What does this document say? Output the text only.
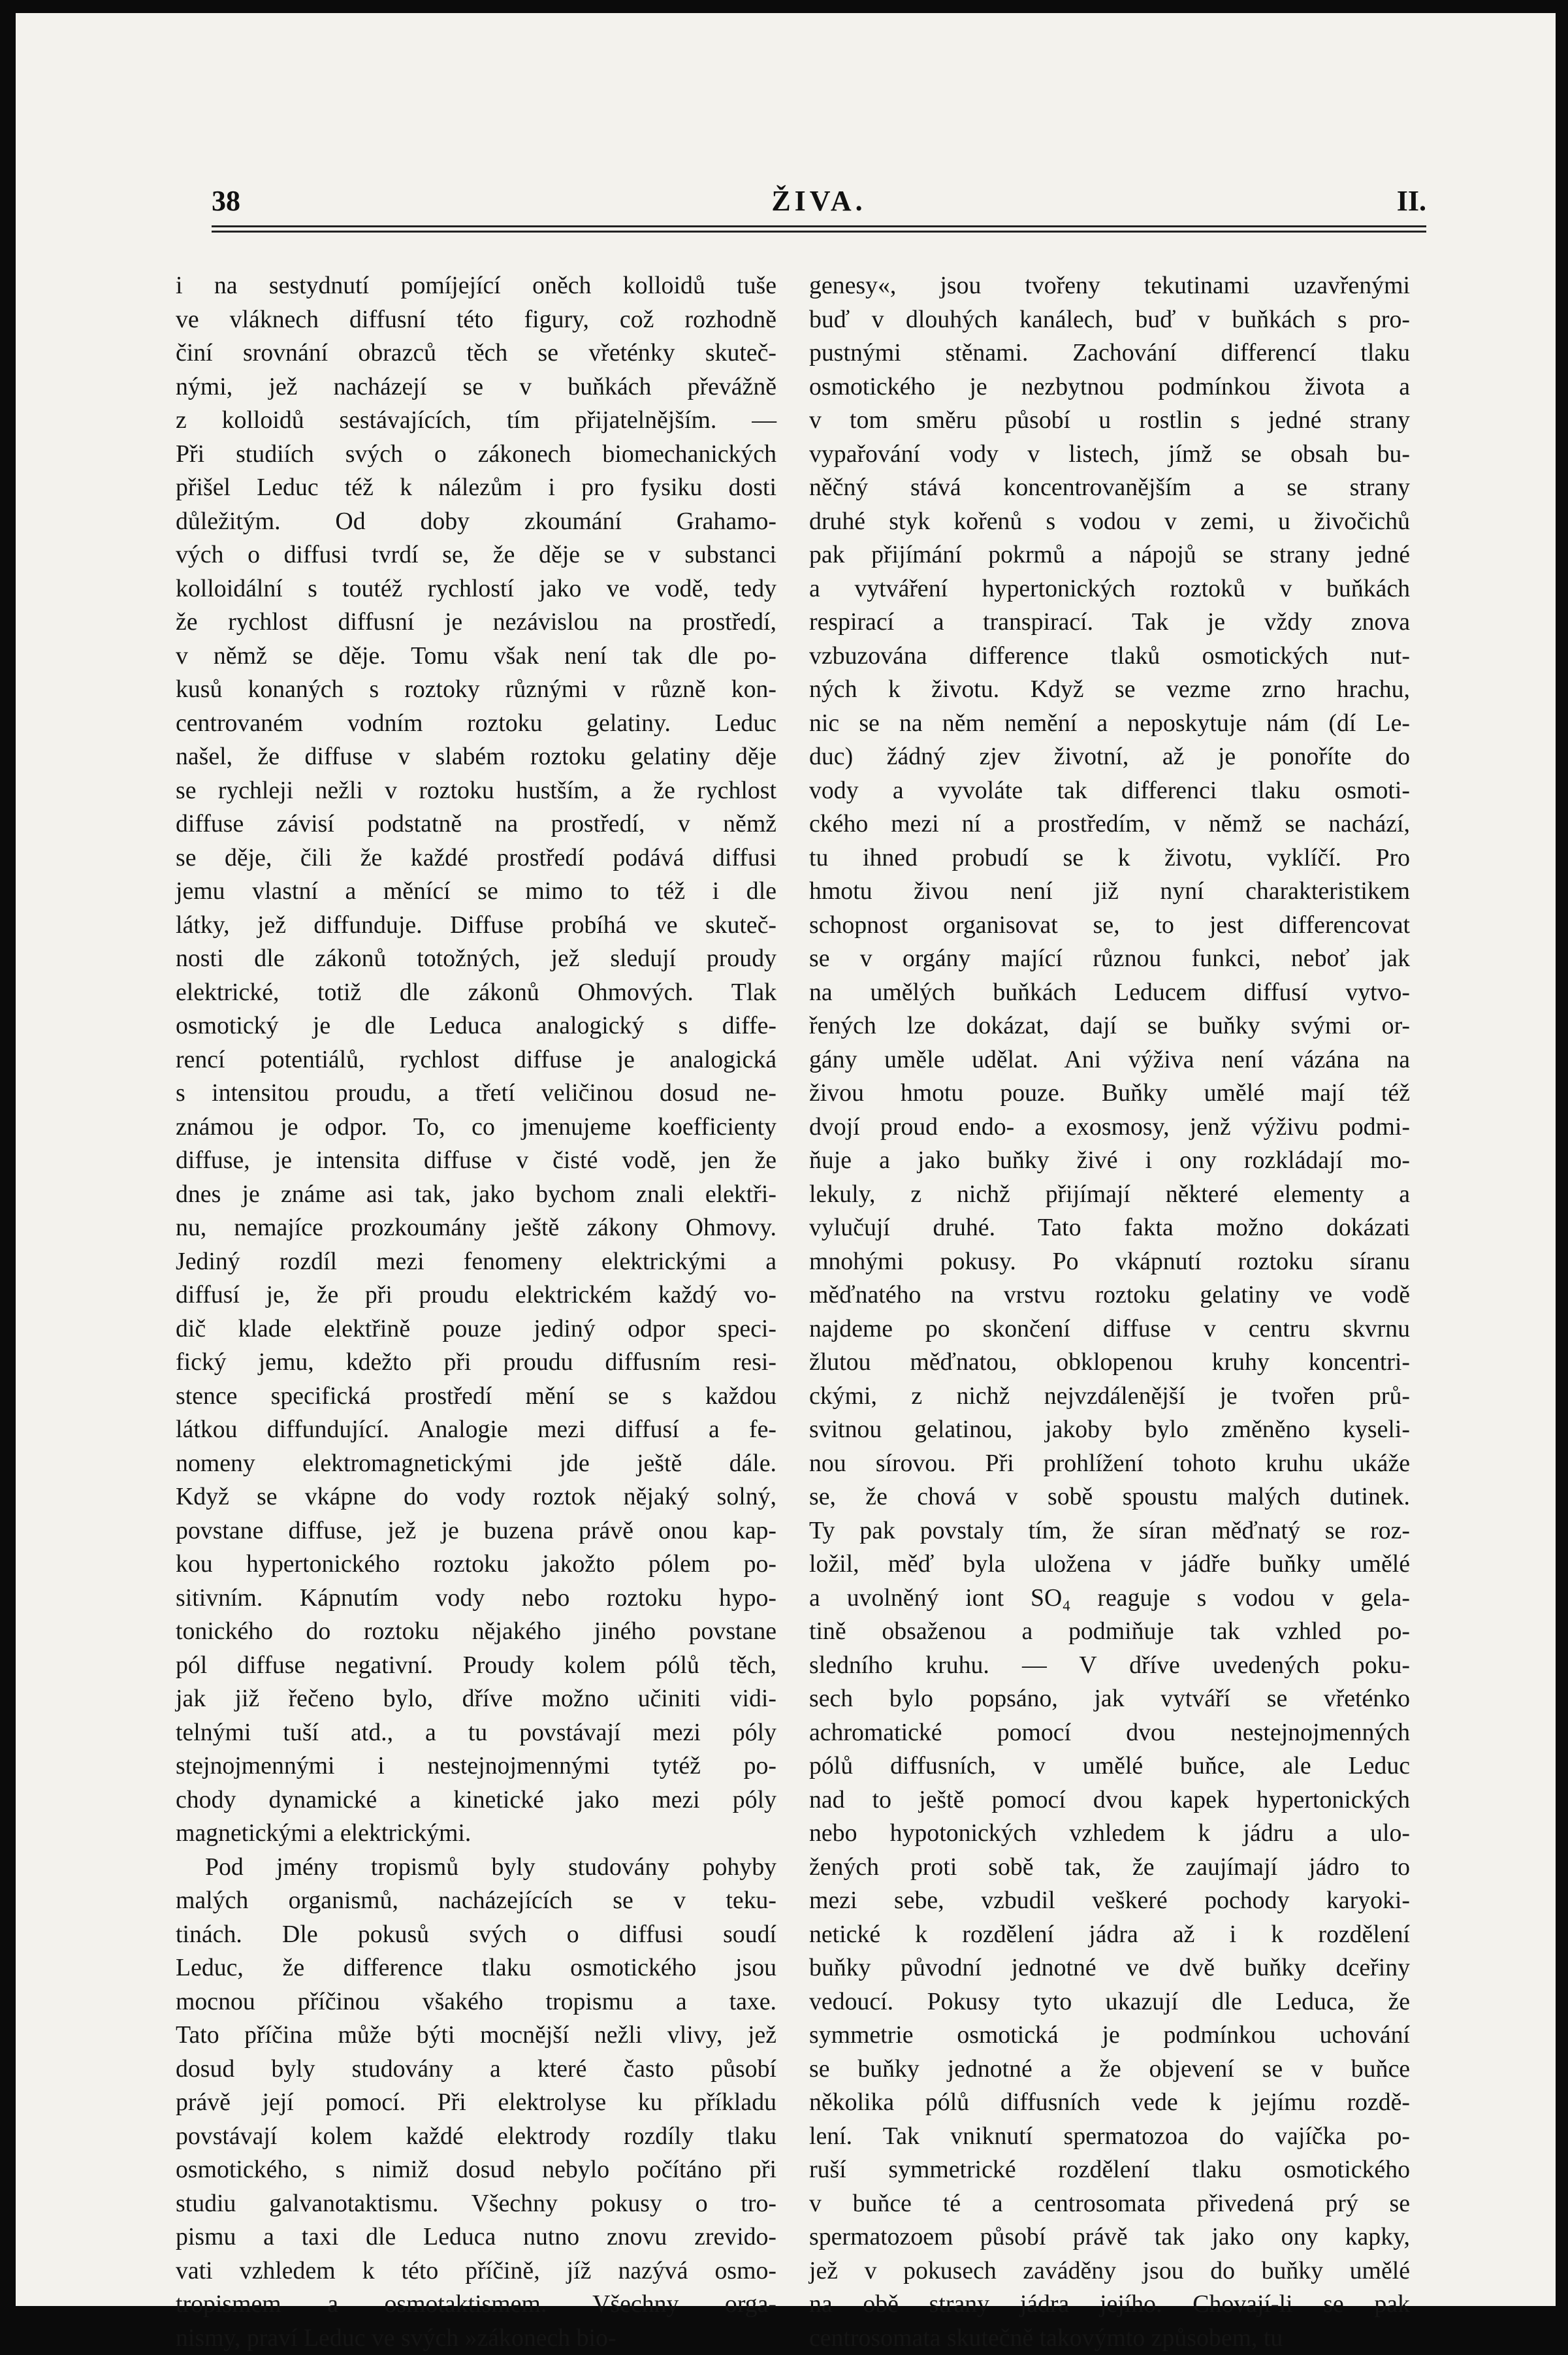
38	ŽIVA.	II.
i na sestydnutí pomíjející oněch kolloidů tuše
ve vláknech diffusní této figury, což rozhodně
činí srovnání obrazců těch se vřeténky skuteč-
nými, jež nacházejí se v buňkách převážně
z kolloidů sestávajících, tím přijatelnějším. —
Při studiích svých o zákonech biomechanických
přišel Leduc též k nálezům i pro fysiku dosti
důležitým. Od doby zkoumání Grahamo-
vých o diffusi tvrdí se, že děje se v substanci
kolloidální s toutéž rychlostí jako ve vodě, tedy
že rychlost diffusní je nezávislou na prostředí,
v němž se děje. Tomu však není tak dle po-
kusů konaných s roztoky různými v různě kon-
centrovaném vodním roztoku gelatiny. Leduc
našel, že diffuse v slabém roztoku gelatiny děje
se rychleji nežli v roztoku hustším, a že rychlost
diffuse závisí podstatně na prostředí, v němž
se děje, čili že každé prostředí podává diffusi
jemu vlastní a měnící se mimo to též i dle
látky, jež diffunduje. Diffuse probíhá ve skuteč-
nosti dle zákonů totožných, jež sledují proudy
elektrické, totiž dle zákonů Ohmových. Tlak
osmotický je dle Leduca analogický s diffe-
rencí potentiálů, rychlost diffuse je analogická
s intensitou proudu, a třetí veličinou dosud ne-
známou je odpor. To, co jmenujeme koefficienty
diffuse, je intensita diffuse v čisté vodě, jen že
dnes je známe asi tak, jako bychom znali elektři-
nu, nemajíce prozkoumány ještě zákony Ohmovy.
Jediný rozdíl mezi fenomeny elektrickými a
diffusí je, že při proudu elektrickém každý vo-
dič klade elektřině pouze jediný odpor speci-
fický jemu, kdežto při proudu diffusním resi-
stence specifická prostředí mění se s každou
látkou diffundující. Analogie mezi diffusí a fe-
nomeny elektromagnetickými jde ještě dále.
Když se vkápne do vody roztok nějaký solný,
povstane diffuse, jež je buzena právě onou kap-
kou hypertonického roztoku jakožto pólem po-
sitivním. Kápnutím vody nebo roztoku hypo-
tonického do roztoku nějakého jiného povstane
pól diffuse negativní. Proudy kolem pólů těch,
jak již řečeno bylo, dříve možno učiniti vidi-
telnými tuší atd., a tu povstávají mezi póly
stejnojmennými i nestejnojmennými tytéž po-
chody dynamické a kinetické jako mezi póly
magnetickými a elektrickými.
Pod jmény tropismů byly studovány pohyby
malých organismů, nacházejících se v teku-
tinách. Dle pokusů svých o diffusi soudí
Leduc, že difference tlaku osmotického jsou
mocnou příčinou všakého tropismu a taxe.
Tato příčina může býti mocnější nežli vlivy, jež
dosud byly studovány a které často působí
právě její pomocí. Při elektrolyse ku příkladu
povstávají kolem každé elektrody rozdíly tlaku
osmotického, s nimiž dosud nebylo počítáno při
studiu galvanotaktismu. Všechny pokusy o tro-
pismu a taxi dle Leduca nutno znovu zrevido-
vati vzhledem k této příčině, jíž nazývá osmo-
tropismem a osmotaktismem. Všechny orga-
nismy, praví Leduc ve svých »zákonech bio-
genesy«, jsou tvořeny tekutinami uzavřenými
buď v dlouhých kanálech, buď v buňkách s pro-
pustnými stěnami. Zachování differencí tlaku
osmotického je nezbytnou podmínkou života a
v tom směru působí u rostlin s jedné strany
vypařování vody v listech, jímž se obsah bu-
něčný stává koncentrovanějším a se strany
druhé styk kořenů s vodou v zemi, u živočichů
pak přijímání pokrmů a nápojů se strany jedné
a vytváření hypertonických roztoků v buňkách
respirací a transpirací. Tak je vždy znova
vzbuzována difference tlaků osmotických nut-
ných k životu. Když se vezme zrno hrachu,
nic se na něm nemění a neposkytuje nám (dí Le-
duc) žádný zjev životní, až je ponoříte do
vody a vyvoláte tak differenci tlaku osmoti-
ckého mezi ní a prostředím, v němž se nachází,
tu ihned probudí se k životu, vyklíčí. Pro
hmotu živou není již nyní charakteristikem
schopnost organisovat se, to jest differencovat
se v orgány mající různou funkci, neboť jak
na umělých buňkách Leducem diffusí vytvo-
řených lze dokázat, dají se buňky svými or-
gány uměle udělat. Ani výživa není vázána na
živou hmotu pouze. Buňky umělé mají též
dvojí proud endo- a exosmosy, jenž výživu podmi-
ňuje a jako buňky živé i ony rozkládají mo-
lekuly, z nichž přijímají některé elementy a
vylučují druhé. Tato fakta možno dokázati
mnohými pokusy. Po vkápnutí roztoku síranu
měďnatého na vrstvu roztoku gelatiny ve vodě
najdeme po skončení diffuse v centru skvrnu
žlutou měďnatou, obklopenou kruhy koncentri-
ckými, z nichž nejvzdálenější je tvořen prů-
svitnou gelatinou, jakoby bylo změněno kyseli-
nou sírovou. Při prohlížení tohoto kruhu ukáže
se, že chová v sobě spoustu malých dutinek.
Ty pak povstaly tím, že síran měďnatý se roz-
ložil, měď byla uložena v jádře buňky umělé
a uvolněný iont SO₄ reaguje s vodou v gela-
tině obsaženou a podmiňuje tak vzhled po-
sledního kruhu. — V dříve uvedených poku-
sech bylo popsáno, jak vytváří se vřeténko
achromatické pomocí dvou nestejnojmenných
pólů diffusních, v umělé buňce, ale Leduc
nad to ještě pomocí dvou kapek hypertonických
nebo hypotonických vzhledem k jádru a ulo-
žených proti sobě tak, že zaujímají jádro to
mezi sebe, vzbudil veškeré pochody karyoki-
netické k rozdělení jádra až i k rozdělení
buňky původní jednotné ve dvě buňky dceřiny
vedoucí. Pokusy tyto ukazují dle Leduca, že
symmetrie osmotická je podmínkou uchování
se buňky jednotné a že objevení se v buňce
několika pólů diffusních vede k jejímu rozdě-
lení. Tak vniknutí spermatozoa do vajíčka po-
ruší symmetrické rozdělení tlaku osmotického
v buňce té a centrosomata přivedená prý se
spermatozoem působí právě tak jako ony kapky,
jež v pokusech zaváděny jsou do buňky umělé
na obě strany jádra jejího. Chovají-li se pak
centrosomata skutečně takovýmto způsobem, tu
